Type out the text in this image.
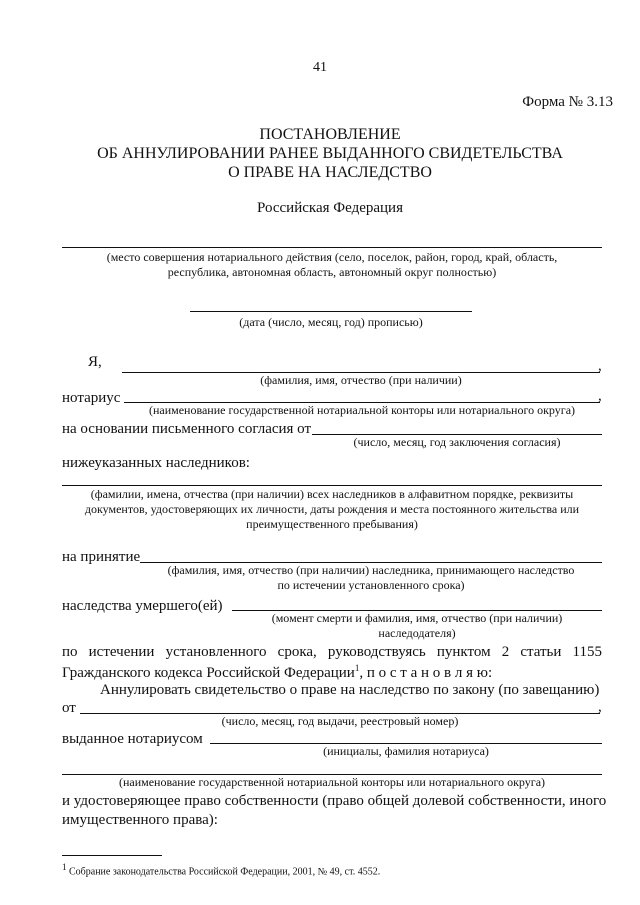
41
Форма № 3.13
ПОСТАНОВЛЕНИЕ
ОБ АННУЛИРОВАНИИ РАНЕЕ ВЫДАННОГО СВИДЕТЕЛЬСТВА
О ПРАВЕ НА НАСЛЕДСТВО
Российская Федерация
(место совершения нотариального действия (село, поселок, район, город, край, область,
республика, автономная область, автономный округ полностью)
(дата (число, месяц, год) прописью)
Я,	,
(фамилия, имя, отчество (при наличии)
нотариус	,
(наименование государственной нотариальной конторы или нотариального округа)
на основании письменного согласия от
(число, месяц, год заключения согласия)
нижеуказанных наследников:
(фамилии, имена, отчества (при наличии) всех наследников в алфавитном порядке, реквизиты
документов, удостоверяющих их личности, даты рождения и места постоянного жительства или
преимущественного пребывания)
на принятие
(фамилия, имя, отчество (при наличии) наследника, принимающего наследство
по истечении установленного срока)
наследства умершего(ей)
(момент смерти и фамилия, имя, отчество (при наличии)
наследодателя)
по истечении установленного срока, руководствуясь пунктом 2 статьи 1155
Гражданского кодекса Российской Федерации$^1$, п о с т а н о в л я ю:
Аннулировать свидетельство о праве на наследство по закону (по завещанию)
от	,
(число, месяц, год выдачи, реестровый номер)
выданное нотариусом
(инициалы, фамилия нотариуса)
(наименование государственной нотариальной конторы или нотариального округа)
и удостоверяющее право собственности (право общей долевой собственности, иного
имущественного права):
$^1$ Собрание законодательства Российской Федерации, 2001, № 49, ст. 4552.
